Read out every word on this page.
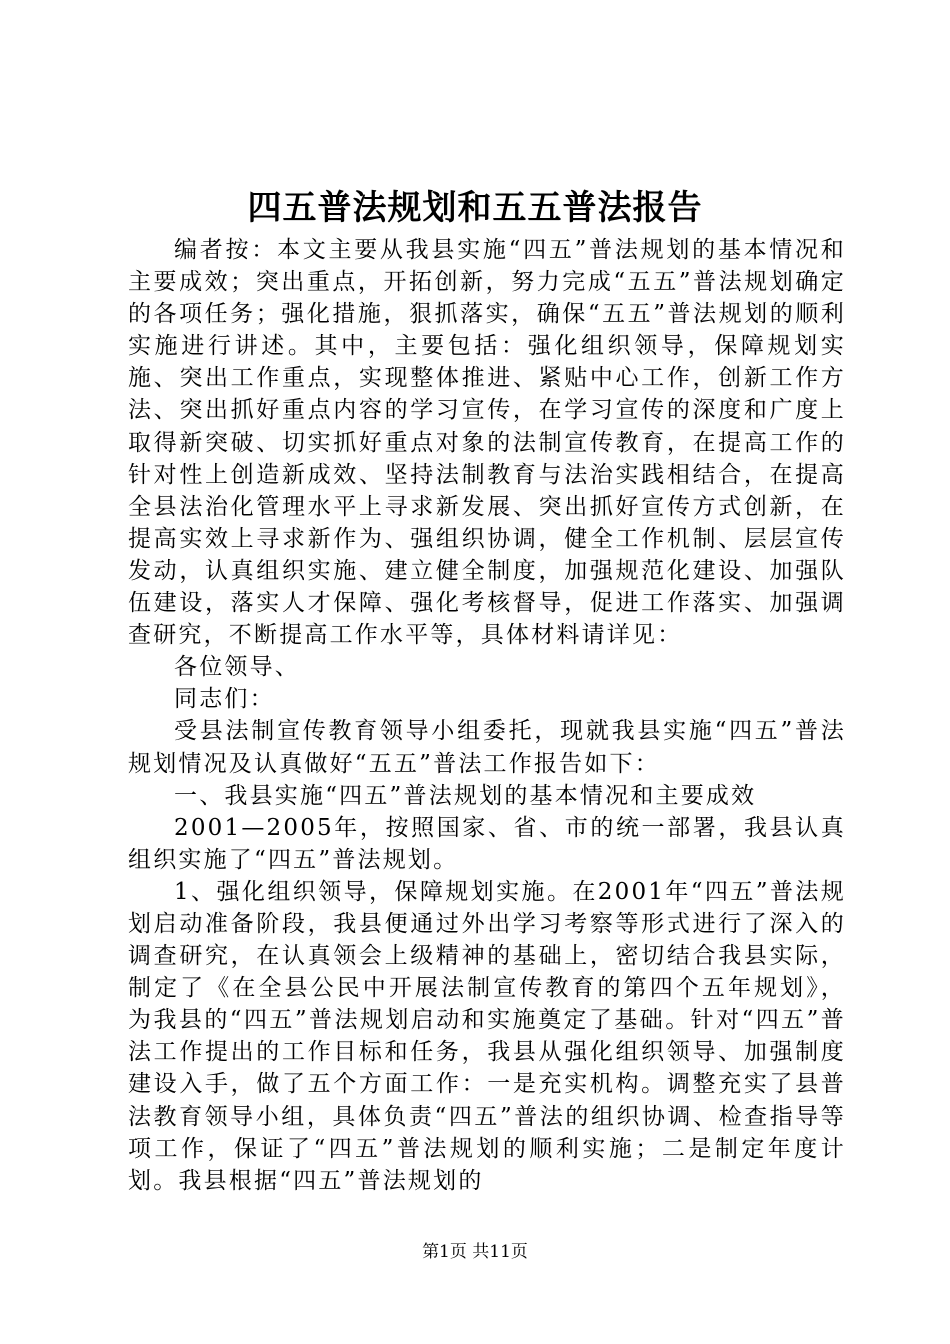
四五普法规划和五五普法报告

编者按：本文主要从我县实施“四五”普法规划的基本情况和主要成效；突出重点，开拓创新，努力完成“五五”普法规划确定的各项任务；强化措施，狠抓落实，确保“五五”普法规划的顺利实施进行讲述。其中，主要包括：强化组织领导，保障规划实施、突出工作重点，实现整体推进、紧贴中心工作，创新工作方法、突出抓好重点内容的学习宣传，在学习宣传的深度和广度上取得新突破、切实抓好重点对象的法制宣传教育，在提高工作的针对性上创造新成效、坚持法制教育与法治实践相结合，在提高全县法治化管理水平上寻求新发展、突出抓好宣传方式创新，在提高实效上寻求新作为、强组织协调，健全工作机制、层层宣传发动，认真组织实施、建立健全制度，加强规范化建设、加强队伍建设，落实人才保障、强化考核督导，促进工作落实、加强调查研究，不断提高工作水平等，具体材料请详见：

各位领导、

同志们：

受县法制宣传教育领导小组委托，现就我县实施“四五”普法规划情况及认真做好“五五”普法工作报告如下：

一、我县实施“四五”普法规划的基本情况和主要成效

2001—2005年，按照国家、省、市的统一部署，我县认真组织实施了“四五”普法规划。

1、强化组织领导，保障规划实施。在2001年“四五”普法规划启动准备阶段，我县便通过外出学习考察等形式进行了深入的调查研究，在认真领会上级精神的基础上，密切结合我县实际，制定了《在全县公民中开展法制宣传教育的第四个五年规划》，为我县的“四五”普法规划启动和实施奠定了基础。针对“四五”普法工作提出的工作目标和任务，我县从强化组织领导、加强制度建设入手，做了五个方面工作：一是充实机构。调整充实了县普法教育领导小组，具体负责“四五”普法的组织协调、检查指导等项工作，保证了“四五”普法规划的顺利实施；二是制定年度计划。我县根据“四五”普法规划的

第1页 共11页
